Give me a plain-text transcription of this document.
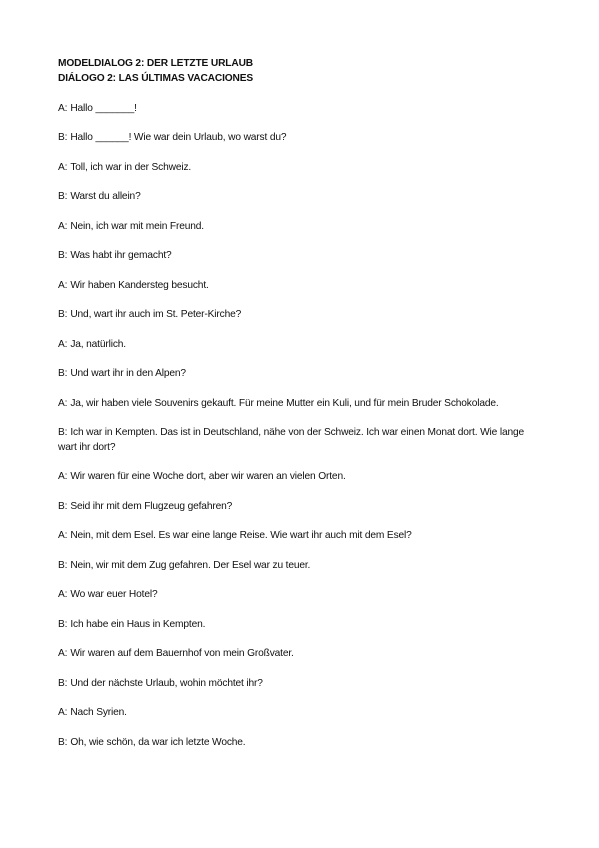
MODELDIALOG 2: DER LETZTE URLAUB
DIÁLOGO 2: LAS ÚLTIMAS VACACIONES
A: Hallo _______!
B: Hallo ______! Wie war dein Urlaub, wo warst du?
A: Toll, ich war in der Schweiz.
B: Warst du allein?
A: Nein, ich war mit mein Freund.
B: Was habt ihr gemacht?
A: Wir haben Kandersteg besucht.
B: Und, wart ihr auch im St. Peter-Kirche?
A: Ja, natürlich.
B: Und wart ihr in den Alpen?
A: Ja, wir haben viele Souvenirs gekauft. Für meine Mutter ein Kuli, und für mein Bruder Schokolade.
B: Ich war in Kempten. Das ist in Deutschland, nähe von der Schweiz. Ich war einen Monat dort. Wie lange wart ihr dort?
A: Wir waren für eine Woche dort, aber wir waren an vielen Orten.
B: Seid ihr mit dem Flugzeug gefahren?
A: Nein, mit dem Esel. Es war eine lange Reise. Wie wart ihr auch mit dem Esel?
B: Nein, wir mit dem Zug gefahren. Der Esel war zu teuer.
A: Wo war euer Hotel?
B: Ich habe ein Haus in Kempten.
A: Wir waren auf dem Bauernhof von mein Großvater.
B: Und der nächste Urlaub, wohin möchtet ihr?
A: Nach Syrien.
B: Oh, wie schön, da war ich letzte Woche.
